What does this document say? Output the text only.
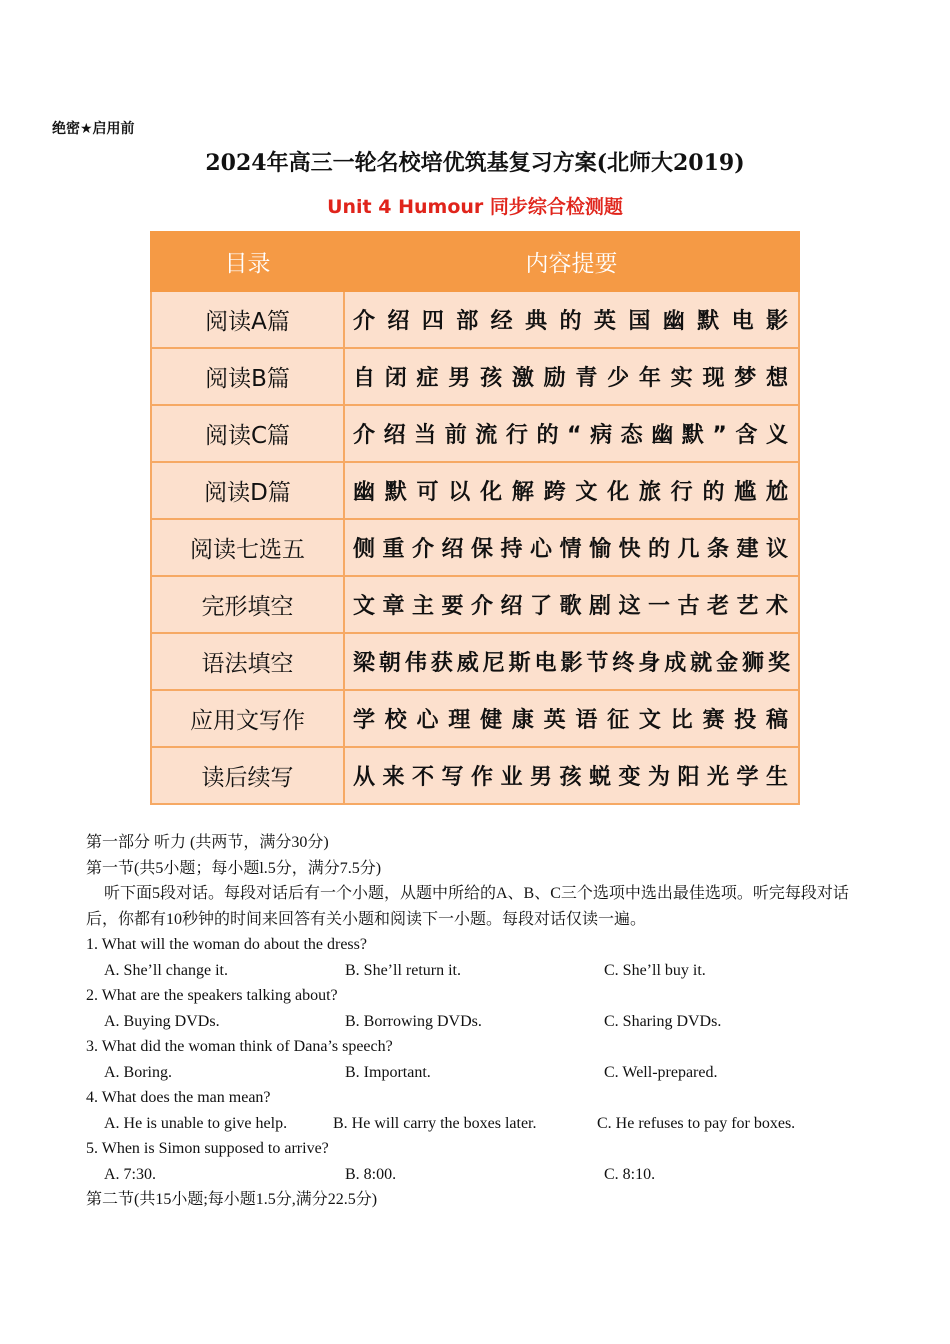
绝密★启用前
2024年高三一轮名校培优筑基复习方案(北师大2019)
Unit 4 Humour 同步综合检测题
目录	内容提要
阅读A篇	介绍四部经典的英国幽默电影
阅读B篇	自闭症男孩激励青少年实现梦想
阅读C篇	介绍当前流行的“病态幽默”含义
阅读D篇	幽默可以化解跨文化旅行的尴尬
阅读七选五	侧重介绍保持心情愉快的几条建议
完形填空	文章主要介绍了歌剧这一古老艺术
语法填空	梁朝伟获威尼斯电影节终身成就金狮奖
应用文写作	学校心理健康英语征文比赛投稿
读后续写	从来不写作业男孩蜕变为阳光学生

第一部分 听力 (共两节，满分30分)

第一节(共5小题；每小题l.5分，满分7.5分)

听下面5段对话。每段对话后有一个小题，从题中所给的A、B、C三个选项中选出最佳选项。听完每段对话后，你都有10秒钟的时间来回答有关小题和阅读下一小题。每段对话仅读一遍。

1. What will the woman do about the dress?

A. She’ll change it.	B. She’ll return it.	C. She’ll buy it.

2. What are the speakers talking about?

A. Buying DVDs.	B. Borrowing DVDs.	C. Sharing DVDs.

3. What did the woman think of Dana’s speech?

A. Boring.	B. Important.	C. Well-prepared.

4. What does the man mean?

A. He is unable to give help.	B. He will carry the boxes later.	C. He refuses to pay for boxes.

5. When is Simon supposed to arrive?

A. 7:30.	B. 8:00.	C. 8:10.

第二节(共15小题;每小题1.5分,满分22.5分)
